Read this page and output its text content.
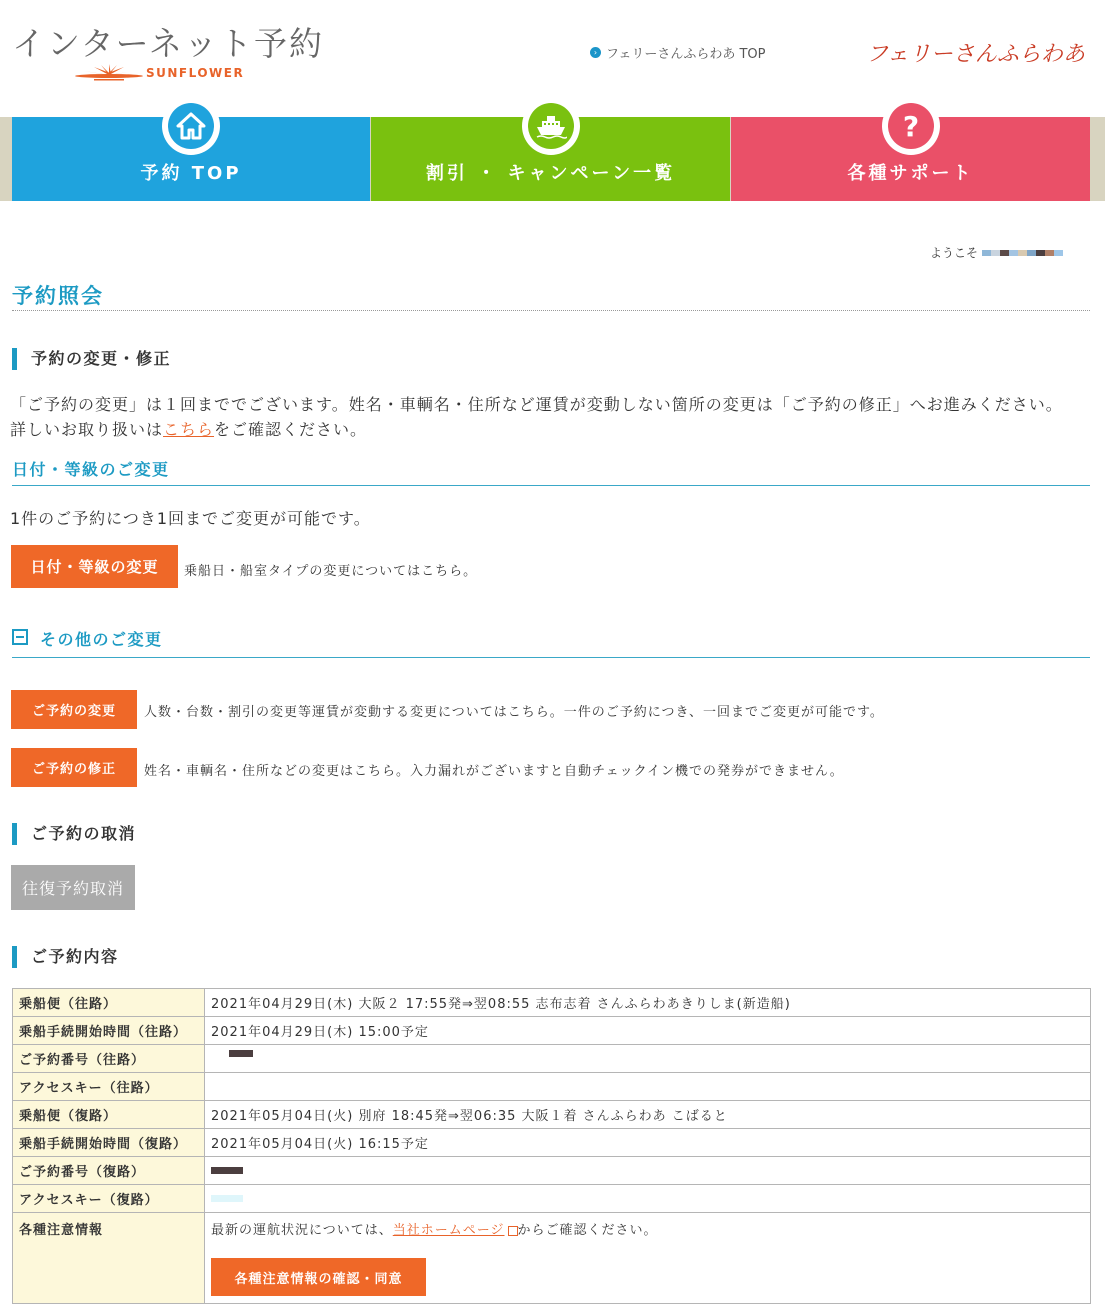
インターネット予約
SUNFLOWER
› フェリーさんふらわあ TOP	フェリーさんふらわあ
予約 TOP	割引 ・ キャンペーン一覧	各種サポート
?
ようこそ
予約照会
予約の変更・修正
「ご予約の変更」は１回まででございます。姓名・車輌名・住所など運賃が変動しない箇所の変更は「ご予約の修正」へお進みください。
詳しいお取り扱いはこちらをご確認ください。
日付・等級のご変更
1件のご予約につき1回までご変更が可能です。
日付・等級の変更	乗船日・船室タイプの変更についてはこちら。
その他のご変更
ご予約の変更	人数・台数・割引の変更等運賃が変動する変更についてはこちら。一件のご予約につき、一回までご変更が可能です。
ご予約の修正	姓名・車輌名・住所などの変更はこちら。入力漏れがございますと自動チェックイン機での発券ができません。
ご予約の取消
往復予約取消
ご予約内容
乗船便（往路）	2021年04月29日(木) 大阪２ 17:55発⇒翌08:55 志布志着 さんふらわあきりしま(新造船)
乗船手続開始時間（往路）	2021年04月29日(木) 15:00予定
ご予約番号（往路）	
アクセスキー（往路）	
乗船便（復路）	2021年05月04日(火) 別府 18:45発⇒翌06:35 大阪１着 さんふらわあ こばると
乗船手続開始時間（復路）	2021年05月04日(火) 16:15予定
ご予約番号（復路）	
アクセスキー（復路）	
各種注意情報	最新の運航状況については、当社ホームページ からご確認ください。
各種注意情報の確認・同意
